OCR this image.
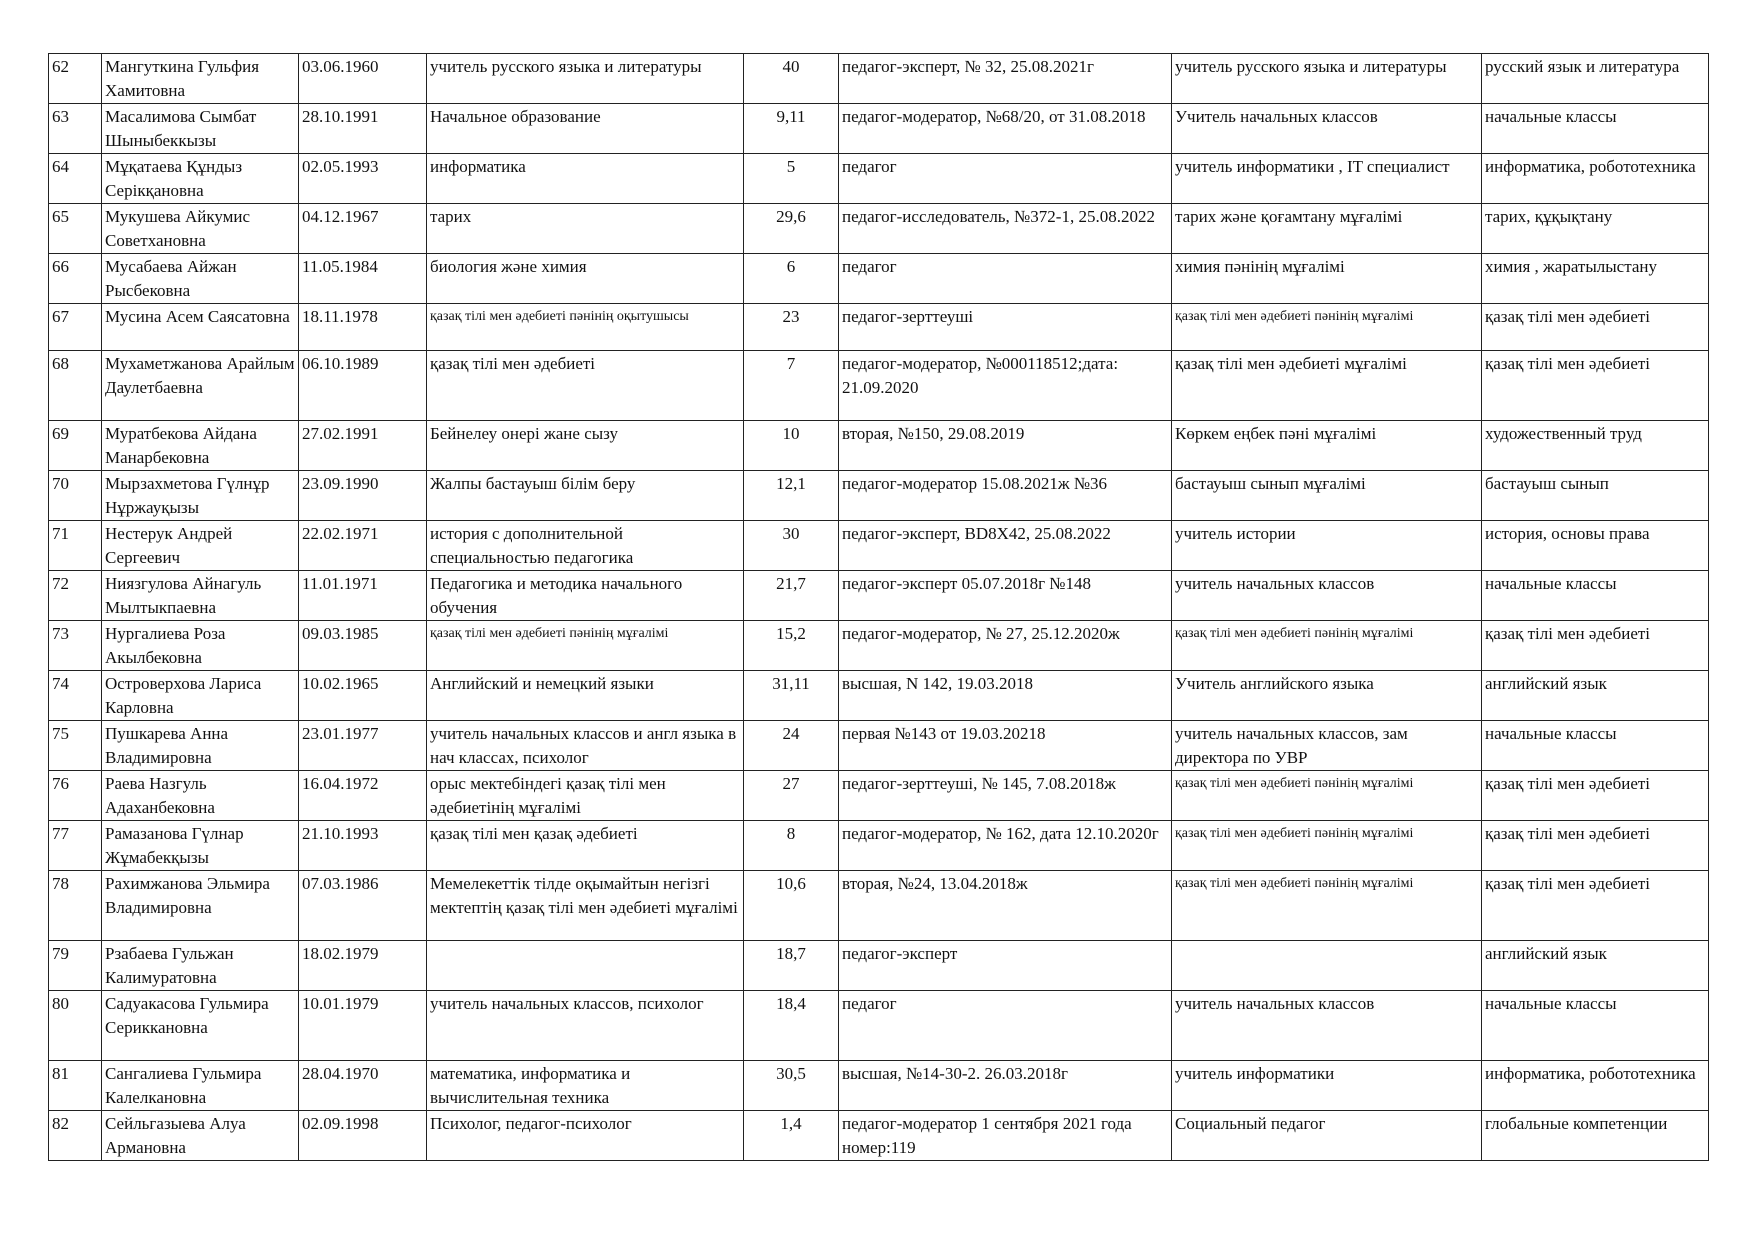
62	Мангуткина Гульфия Хамитовна	03.06.1960	учитель русского языка и литературы	40	педагог-эксперт, № 32, 25.08.2021г	учитель русского языка и литературы	русский язык и литература
63	Масалимова Сымбат Шыныбеккызы	28.10.1991	Начальное образование	9,11	педагог-модератор, №68/20, от 31.08.2018	Учитель начальных классов	начальные классы
64	Мұқатаева Құндыз Серікқановна	02.05.1993	информатика	5	педагог	учитель информатики , IT специалист	информатика, робототехника
65	Мукушева Айкумис Советхановна	04.12.1967	тарих	29,6	педагог-исследователь, №372-1, 25.08.2022	тарих және қоғамтану мұғалімі	тарих, құқықтану
66	Мусабаева Айжан Рысбековна	11.05.1984	биология және химия	6	педагог	химия пәнінің мұғалімі	химия , жаратылыстану
67	Мусина Асем Саясатовна	18.11.1978	қазақ тілі мен әдебиеті пәнінің оқытушысы	23	педагог-зерттеуші	қазақ тілі мен әдебиеті пәнінің мұғалімі	қазақ тілі мен әдебиеті
68	Мухаметжанова Арайлым Даулетбаевна	06.10.1989	қазақ тілі мен әдебиеті	7	педагог-модератор, №000118512;дата: 21.09.2020	қазақ тілі мен әдебиеті мұғалімі	қазақ тілі мен әдебиеті
69	Муратбекова Айдана Манарбековна	27.02.1991	Бейнелеу онерi жане сызу	10	вторая, №150, 29.08.2019	Көркем еңбек пәні мұғалімі	художественный труд
70	Мырзахметова Гүлнұр Нұржауқызы	23.09.1990	Жалпы бастауыш білім беру	12,1	педагог-модератор 15.08.2021ж №36	бастауыш сынып мұғалімі	бастауыш сынып
71	Нестерук Андрей Сергеевич	22.02.1971	история с дополнительной специальностью педагогика	30	педагог-эксперт, BD8X42, 25.08.2022	учитель истории	история, основы права
72	Ниязгулова Айнагуль Мылтыкпаевна	11.01.1971	Педагогика и методика начального обучения	21,7	педагог-эксперт 05.07.2018г №148	учитель начальных классов	начальные классы
73	Нургалиева Роза Акылбековна	09.03.1985	қазақ тілі мен әдебиеті пәнінің мұғалімі	15,2	педагог-модератор, № 27, 25.12.2020ж	қазақ тілі мен әдебиеті пәнінің мұғалімі	қазақ тілі мен әдебиеті
74	Островерхова Лариса Карловна	10.02.1965	Английский и немецкий языки	31,11	высшая, N 142, 19.03.2018	Учитель английского языка	английский язык
75	Пушкарева Анна Владимировна	23.01.1977	учитель начальных классов и англ языка в нач классах, психолог	24	первая №143 от 19.03.20218	учитель начальных классов, зам директора по УВР	начальные классы
76	Раева Назгуль Адаханбековна	16.04.1972	орыс мектебіндегі қазақ тілі мен әдебиетінің мұғалімі	27	педагог-зерттеуші, № 145, 7.08.2018ж	қазақ тілі мен әдебиеті пәнінің мұғалімі	қазақ тілі мен әдебиеті
77	Рамазанова Гүлнар Жұмабекқызы	21.10.1993	қазақ тілі мен қазақ әдебиеті	8	педагог-модератор, № 162, дата 12.10.2020г	қазақ тілі мен әдебиеті пәнінің мұғалімі	қазақ тілі мен әдебиеті
78	Рахимжанова Эльмира Владимировна	07.03.1986	Мемелекеттік тілде оқымайтын негізгі мектептің қазақ тілі мен әдебиеті мұғалімі	10,6	вторая, №24, 13.04.2018ж	қазақ тілі мен әдебиеті пәнінің мұғалімі	қазақ тілі мен әдебиеті
79	Рзабаева Гульжан Калимуратовна	18.02.1979		18,7	педагог-эксперт		английский язык
80	Садуакасова Гульмира Сериккановна	10.01.1979	учитель начальных классов, психолог	18,4	педагог	учитель начальных классов	начальные классы
81	Сангалиева Гульмира Калелкановна	28.04.1970	математика, информатика и вычислительная техника	30,5	высшая, №14-30-2. 26.03.2018г	учитель информатики	информатика, робототехника
82	Сейльгазыева Алуа Армановна	02.09.1998	Психолог, педагог-психолог	1,4	педагог-модератор 1 сентября 2021 года номер:119	Социальный педагог	глобальные компетенции
